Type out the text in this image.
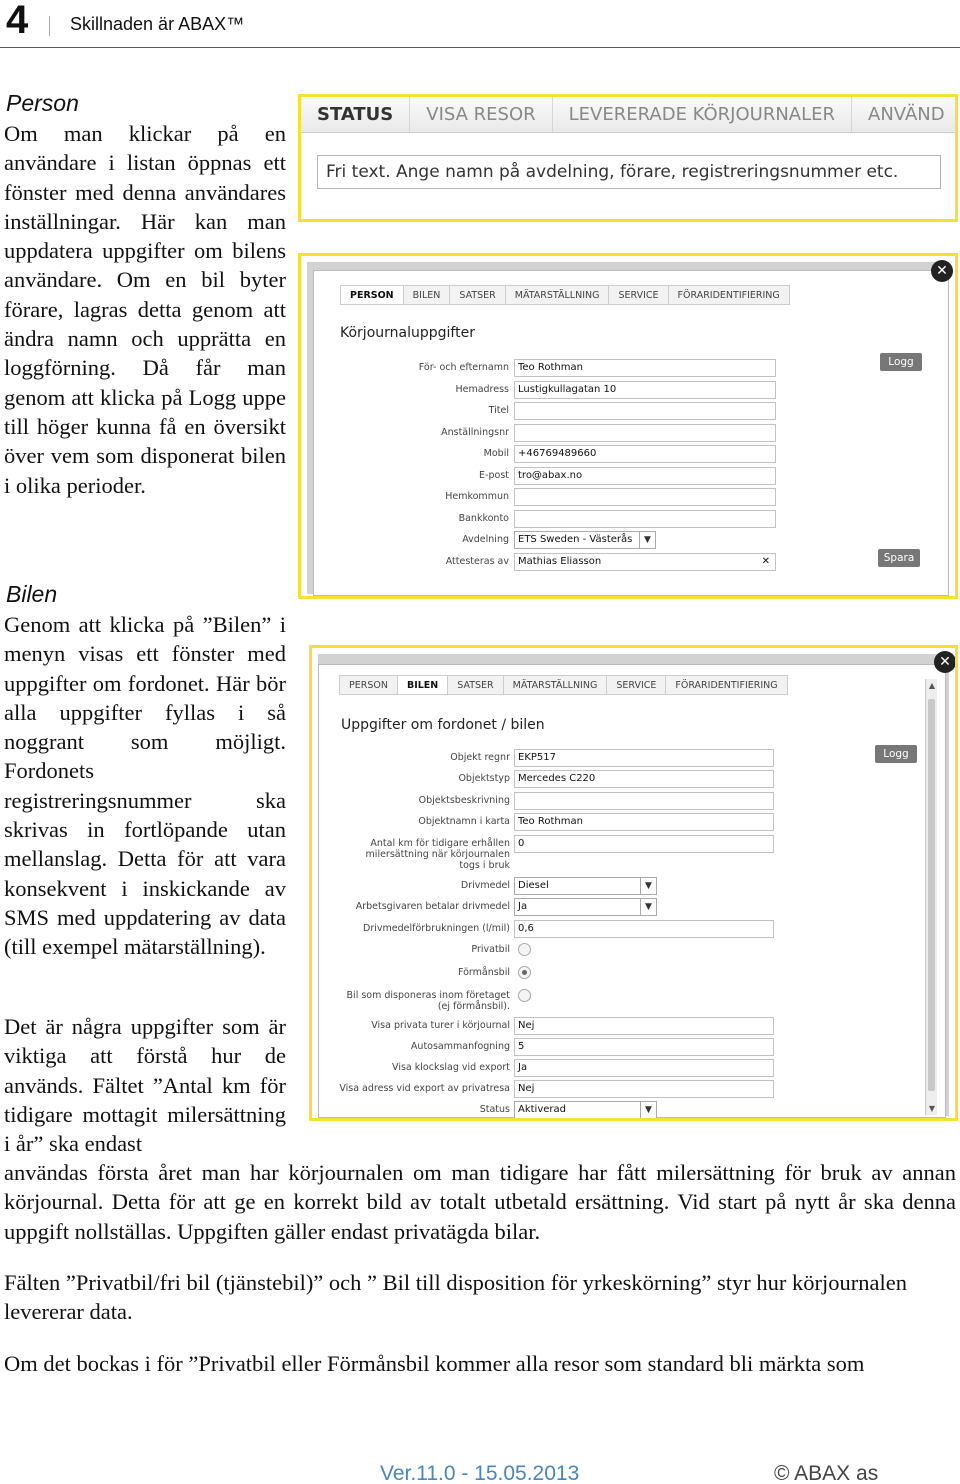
4 Skillnaden är ABAX™
Person
Om man klickar på en användare i listan öppnas ett fönster med denna användares inställningar. Här kan man uppdatera uppgifter om bilens användare. Om en bil byter förare, lagras detta genom att ändra namn och upprätta en loggförning. Då får man genom att klicka på Logg uppe till höger kunna få en översikt över vem som disponerat bilen i olika perioder.
Bilen
Genom att klicka på ”Bilen” i menyn visas ett fönster med uppgifter om fordonet. Här bör alla uppgifter fyllas i så noggrant som möjligt. Fordonets registreringsnummer ska skrivas in fortlöpande utan mellanslag. Detta för att vara konsekvent i inskickande av SMS med uppdatering av data (till exempel mätarställning).
Det är några uppgifter som är viktiga att förstå hur de används. Fältet ”Antal km för tidigare mottagit milersättning i år” ska endast
användas första året man har körjournalen om man tidigare har fått milersättning för bruk av annan körjournal. Detta för att ge en korrekt bild av totalt utbetald ersättning. Vid start på nytt år ska denna uppgift nollställas. Uppgiften gäller endast privatägda bilar.
Fälten ”Privatbil/fri bil (tjänstebil)” och ” Bil till disposition för yrkeskörning” styr hur körjournalen levererar data.
Om det bockas i för ”Privatbil eller Förmånsbil kommer alla resor som standard bli märkta som
STATUS	VISA RESOR	LEVERERADE KÖRJOURNALER	ANVÄND
Fri text. Ange namn på avdelning, förare, registreringsnummer etc.
PERSON	BILEN	SATSER	MÄTARSTÄLLNING	SERVICE	FÖRARIDENTIFIERING
Körjournaluppgifter
Logg
För- och efternamn Teo Rothman
Hemadress Lustigkullagatan 10
Titel
Anställningsnr
Mobil +46769489660
E-post tro@abax.no
Hemkommun
Bankkonto
Avdelning ETS Sweden - Västerås	▼
Attesteras av Mathias Eliasson	✕	Spara
✕
PERSON	BILEN	SATSER	MÄTARSTÄLLNING	SERVICE	FÖRARIDENTIFIERING
Uppgifter om fordonet / bilen
Logg
Objekt regnr EKP517
Objektstyp Mercedes C220
Objektsbeskrivning
Objektnamn i karta Teo Rothman
Antal km för tidigare erhållen milersättning när körjournalen togs i bruk
0
Drivmedel Diesel	▼
Arbetsgivaren betalar drivmedel Ja	▼
Drivmedelförbrukningen (l/mil) 0,6
Privatbil
Förmånsbil
Bil som disponeras inom företaget (ej förmånsbil).
Visa privata turer i körjournal Nej
Autosammanfogning 5
Visa klockslag vid export Ja
Visa adress vid export av privatresa Nej
Status Aktiverad	▼
▲
▼
✕
Ver.11.0 - 15.05.2013	© ABAX as
